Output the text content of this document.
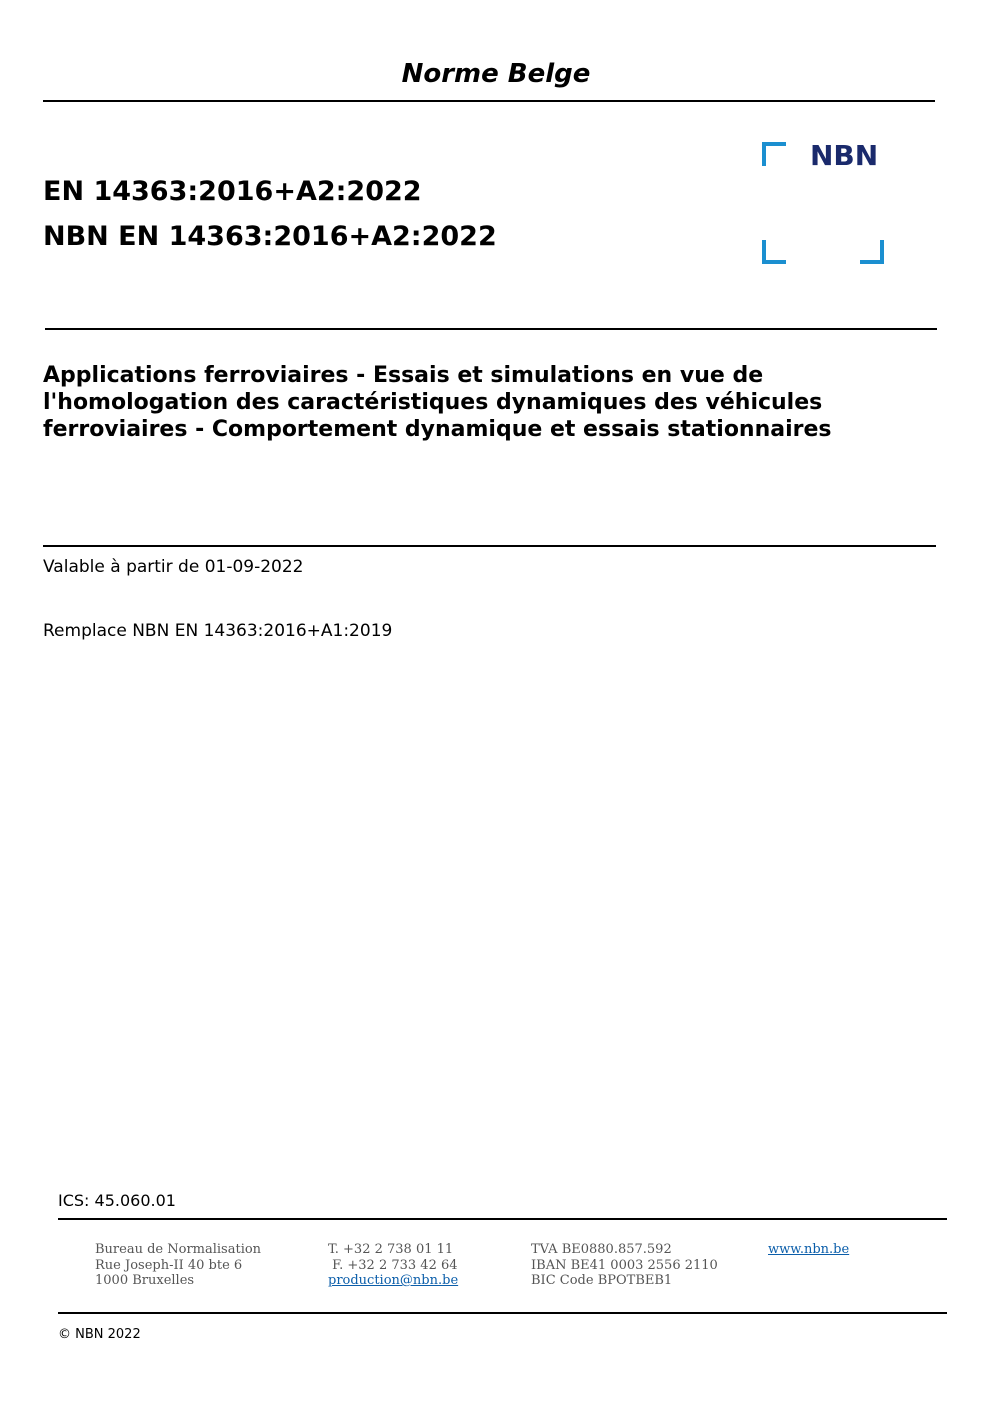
Norme Belge
EN 14363:2016+A2:2022
NBN EN 14363:2016+A2:2022
NBN
Applications ferroviaires - Essais et simulations en vue de l'homologation des caractéristiques dynamiques des véhicules ferroviaires - Comportement dynamique et essais stationnaires
Valable à partir de 01-09-2022
Remplace NBN EN 14363:2016+A1:2019
ICS: 45.060.01
Bureau de Normalisation
Rue Joseph-II 40 bte 6
1000 Bruxelles
T. +32 2 738 01 11
F. +32 2 733 42 64
production@nbn.be
TVA BE0880.857.592
IBAN BE41 0003 2556 2110
BIC Code BPOTBEB1
www.nbn.be
© NBN 2022
